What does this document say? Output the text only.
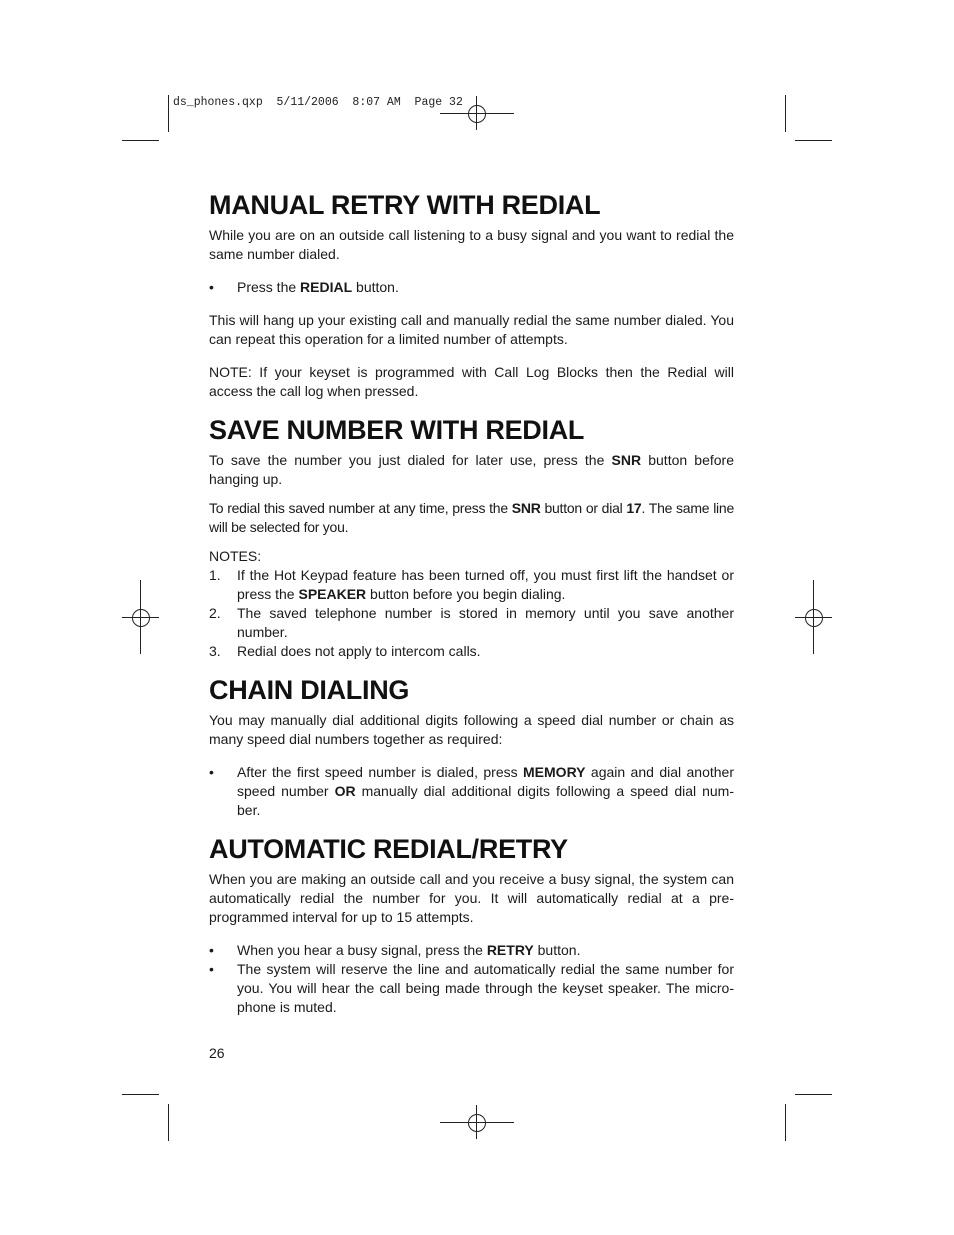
ds_phones.qxp  5/11/2006  8:07 AM  Page 32
MANUAL RETRY WITH REDIAL

While you are on an outside call listening to a busy signal and you want to redial the same number dialed.

• Press the REDIAL button.

This will hang up your existing call and manually redial the same number dialed. You can repeat this operation for a limited number of attempts.

NOTE: If your keyset is programmed with Call Log Blocks then the Redial will access the call log when pressed.

SAVE NUMBER WITH REDIAL

To save the number you just dialed for later use, press the SNR button before hanging up.

To redial this saved number at any time, press the SNR button or dial 17. The same line will be selected for you.

NOTES:

1. If the Hot Keypad feature has been turned off, you must first lift the handset or press the SPEAKER button before you begin dialing.
2. The saved telephone number is stored in memory until you save another number.
3. Redial does not apply to intercom calls.
CHAIN DIALING

You may manually dial additional digits following a speed dial number or chain as many speed dial numbers together as required:

• After the first speed number is dialed, press MEMORY again and dial another speed number OR manually dial additional digits following a speed dial num-ber.
AUTOMATIC REDIAL/RETRY

When you are making an outside call and you receive a busy signal, the system can automatically redial the number for you. It will automatically redial at a pre-programmed interval for up to 15 attempts.

• When you hear a busy signal, press the RETRY button.
• The system will reserve the line and automatically redial the same number for you. You will hear the call being made through the keyset speaker. The micro-phone is muted.
26
